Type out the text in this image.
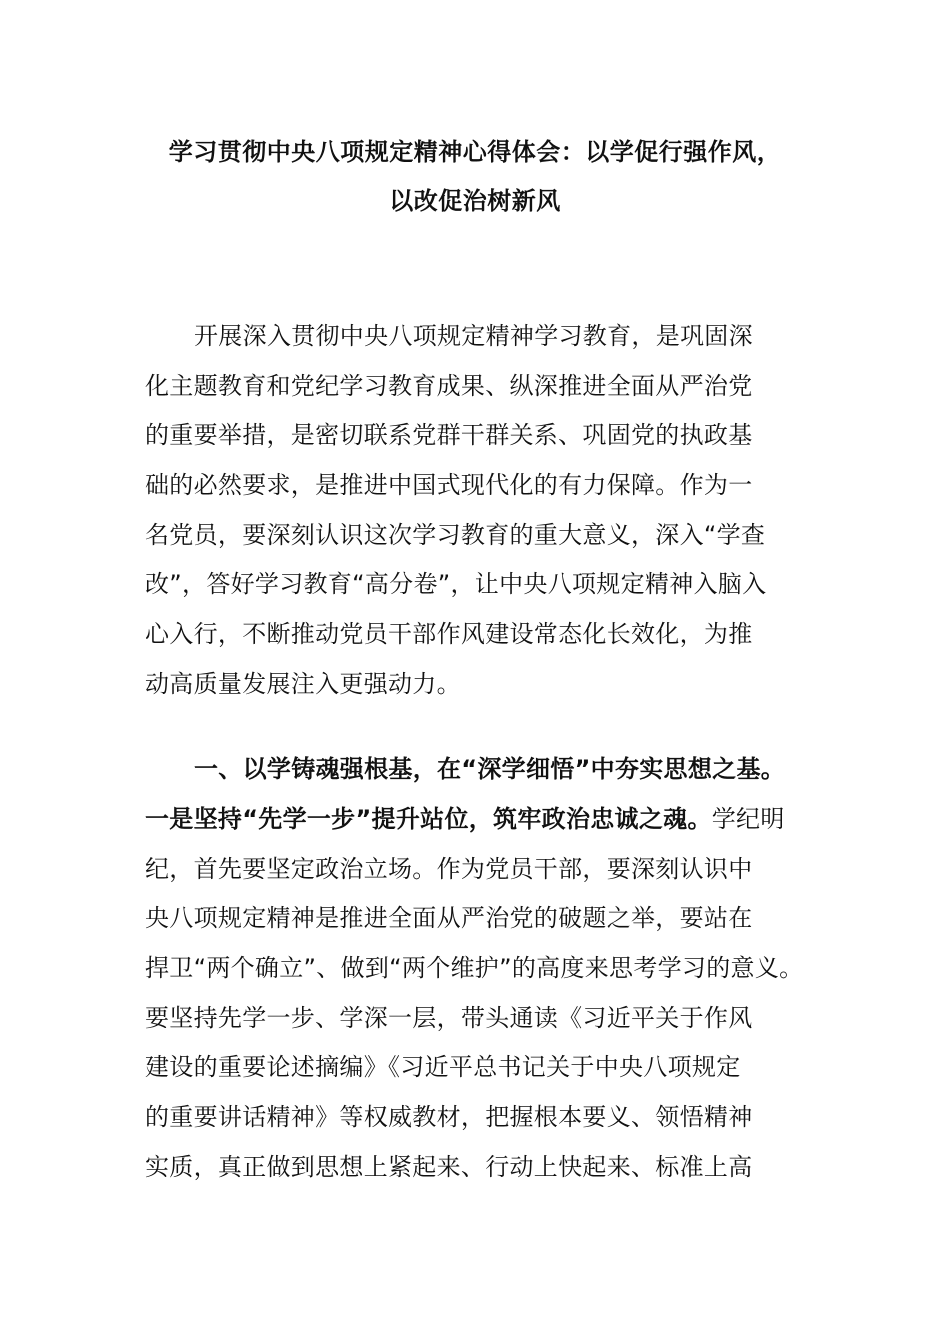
学习贯彻中央八项规定精神心得体会：以学促行强作风，
以改促治树新风
开展深入贯彻中央八项规定精神学习教育，是巩固深
化主题教育和党纪学习教育成果、纵深推进全面从严治党
的重要举措，是密切联系党群干群关系、巩固党的执政基
础的必然要求，是推进中国式现代化的有力保障。作为一
名党员，要深刻认识这次学习教育的重大意义，深入“学查
改”，答好学习教育“高分卷”，让中央八项规定精神入脑入
心入行，不断推动党员干部作风建设常态化长效化，为推
动高质量发展注入更强动力。
一、以学铸魂强根基，在“深学细悟”中夯实思想之基。
一是坚持“先学一步”提升站位，筑牢政治忠诚之魂。学纪明
纪，首先要坚定政治立场。作为党员干部，要深刻认识中
央八项规定精神是推进全面从严治党的破题之举，要站在
捍卫“两个确立”、做到“两个维护”的高度来思考学习的意义。
要坚持先学一步、学深一层，带头通读《习近平关于作风
建设的重要论述摘编》《习近平总书记关于中央八项规定
的重要讲话精神》等权威教材，把握根本要义、领悟精神
实质，真正做到思想上紧起来、行动上快起来、标准上高
